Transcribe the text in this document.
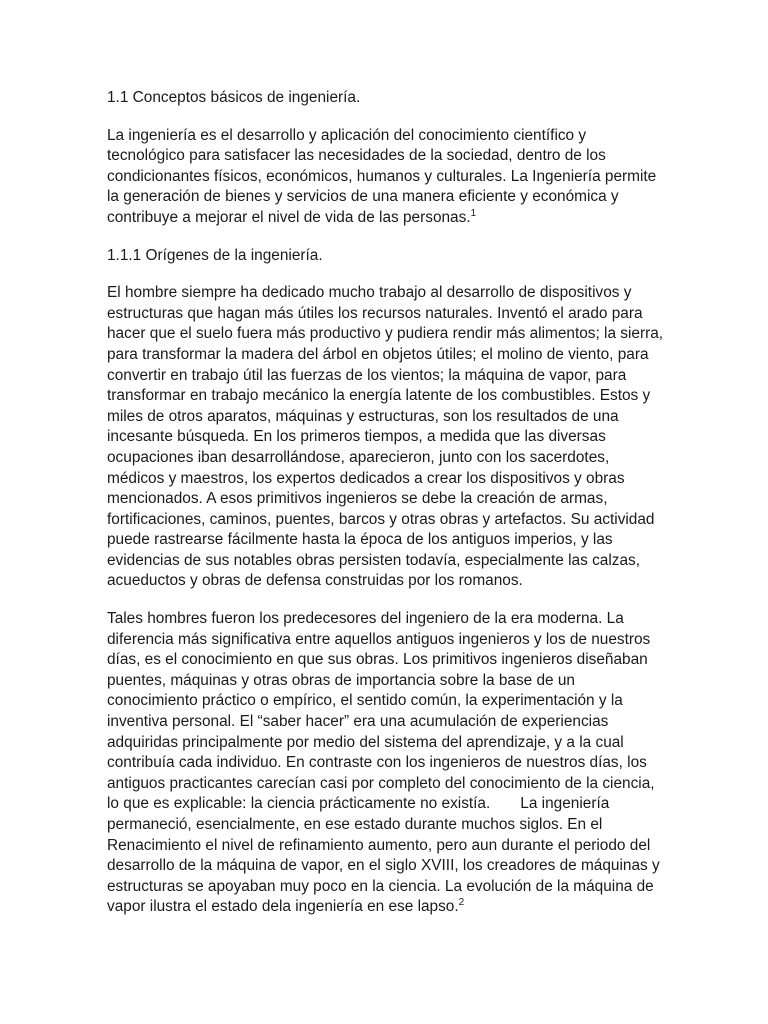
1.1 Conceptos básicos de ingeniería.

La ingeniería es el desarrollo y aplicación del conocimiento científico y tecnológico para satisfacer las necesidades de la sociedad, dentro de los condicionantes físicos, económicos, humanos y culturales. La Ingeniería permite la generación de bienes y servicios de una manera eficiente y económica y contribuye a mejorar el nivel de vida de las personas.$^1$

1.1.1 Orígenes de la ingeniería.

El hombre siempre ha dedicado mucho trabajo al desarrollo de dispositivos y estructuras que hagan más útiles los recursos naturales. Inventó el arado para hacer que el suelo fuera más productivo y pudiera rendir más alimentos; la sierra, para transformar la madera del árbol en objetos útiles; el molino de viento, para convertir en trabajo útil las fuerzas de los vientos; la máquina de vapor, para transformar en trabajo mecánico la energía latente de los combustibles. Estos y miles de otros aparatos, máquinas y estructuras, son los resultados de una incesante búsqueda. En los primeros tiempos, a medida que las diversas ocupaciones iban desarrollándose, aparecieron, junto con los sacerdotes, médicos y maestros, los expertos dedicados a crear los dispositivos y obras mencionados. A esos primitivos ingenieros se debe la creación de armas, fortificaciones, caminos, puentes, barcos y otras obras y artefactos. Su actividad puede rastrearse fácilmente hasta la época de los antiguos imperios, y las evidencias de sus notables obras persisten todavía, especialmente las calzas, acueductos y obras de defensa construidas por los romanos.

Tales hombres fueron los predecesores del ingeniero de la era moderna. La diferencia más significativa entre aquellos antiguos ingenieros y los de nuestros días, es el conocimiento en que sus obras. Los primitivos ingenieros diseñaban puentes, máquinas y otras obras de importancia sobre la base de un conocimiento práctico o empírico, el sentido común, la experimentación y la inventiva personal. El “saber hacer” era una acumulación de experiencias adquiridas principalmente por medio del sistema del aprendizaje, y a la cual contribuía cada individuo. En contraste con los ingenieros de nuestros días, los antiguos practicantes carecían casi por completo del conocimiento de la ciencia, lo que es explicable: la ciencia prácticamente no existía. La ingeniería permaneció, esencialmente, en ese estado durante muchos siglos. En el Renacimiento el nivel de refinamiento aumento, pero aun durante el periodo del desarrollo de la máquina de vapor, en el siglo XVIII, los creadores de máquinas y estructuras se apoyaban muy poco en la ciencia. La evolución de la máquina de vapor ilustra el estado dela ingeniería en ese lapso.$^2$
